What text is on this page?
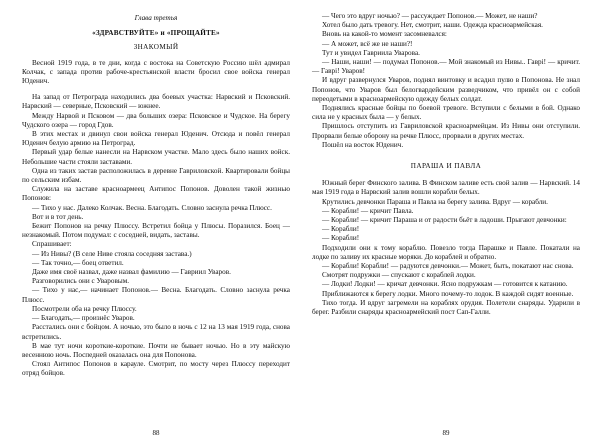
Глава третья
«ЗДРАВСТВУЙТЕ» и «ПРОЩАЙТЕ»
ЗНАКОМЫЙ

Весной 1919 года, в те дни, когда с востока на Советскую Россию шёл адмирал Колчак, с запада против рабоче-крестьянской власти бросил свое войска генерал Юденич.

На запад от Петрограда находились два боевых участка: Нарвский и Псковский. Нарвский — северные, Псковский — южнее.

Между Нарвой и Псковом — два больших озера: Псковское и Чудское. На берегу Чудского озера — город Гдов.

В этих местах и двинул свои войска генерал Юденич. Отсюда и повёл генерал Юденич белую армию на Петроград.

Первый удар белые нанесли на Нарвском участке. Мало здесь было наших войск. Небольшие части стояли заставами.

Одна из таких застав расположилась в деревне Гавриловской. Квартировали бойцы по сельским избам.

Служила на заставе красноармеец Антипос Попонов. Доволен такой жизнью Попонов:

— Тихо у нас. Далеко Колчак. Весна. Благодать. Словно заснула речка Плюсс.

Вот и в тот день.

Бежит Попонов на речку Плюссу. Встретил бойца у Плюсы. Поразился. Боец — незнакомый. Потом подумал: с соседней, видать, заставы.

Спрашивает:

— Из Нивы? (В селе Ниве стояла соседняя застава.)

— Так точно,— боец ответил.

Даже имя своё назвал, даже назвал фамилию — Гавриил Уваров.

Разговорились они с Уваровым.

— Тихо у нас,— начинает Попонов.— Весна. Благодать. Словно заснула речка Плюсс.

Посмотрели оба на речку Плюссу.

— Благодать,— произнёс Уваров.

Расстались они с бойцом. А ночью, это было в ночь с 12 на 13 мая 1919 года, снова встретились.

В мае тут ночи короткие-короткие. Почти не бывает ночью. Но в эту майскую весеннюю ночь. Поспедней оказалась она для Попонова.

Стоял Антипос Попонов в карауле. Смотрит, по мосту через Плюссу переходит отряд бойцов.

88

— Чего это вдруг ночью? — рассуждает Попонов.— Может, не наши?

Хотел было дать тревогу. Нет, смотрит, наши. Одежда красноармейская.

Вновь на какой-то момент засомневался:

— А может, всё же не наши?!

Тут и увидел Гавриила Уварова.

— Наши, наши! — подумал Попонов.— Мой знакомый из Нивы.. Гаврі! — кричит.— Гаврі! Уваров!

И вдруг развернулся Уваров, поднял винтовку и всадил пулю в Попонова. Не знал Попонов, что Уваров был белогвардейским разведчиком, что привёл он с собой переодетыми в красноармейскую одежду белых солдат.

Поднялись красные бойцы по боевой тревоге. Вступили с белыми в бой. Однако сила не у красных была — у белых.

Пришлось отступить из Гавриловской красноармейцам. Из Нивы они отступили. Прорвали белые оборону на речке Плюсс, прорвали в других местах.

Пошёл на восток Юденич.

ПАРАША И ПАВЛА

Южный берег Финского залива. В Финском заливе есть свой залив — Нарвский. 14 мая 1919 года в Нарвский залив вошли корабли белых.

Крутились девчонки Параша и Павла на берегу залива. Вдруг — корабли.

— Корабли! — кричит Павла.

— Корабли! — кричит Параша и от радости бьёт в ладоши. Прыгают девчонки:

— Корабли!

— Корабли!

Подходили они к тому кораблю. Повезло тогда Парашке и Павле. Покатали на лодке по заливу их красные моряки. До кораблей и обратно.

— Корабли! Корабли! — радуются девчонки.— Может, быть, покатают нас снова.

Смотрят подружки — спускают с кораблей лодки.

— Лодки! Лодки! — кричат девчонки. Ясно подружкам — готовится к катанию.

Приближаются к берегу лодки. Много почему-то лодок. В каждой сидят военные.

Тихо тогда. И вдруг загремели на кораблях орудия. Полетели снаряды. Ударили в берег. Разбили снаряды красноармейский пост Сап-Галли.

89
